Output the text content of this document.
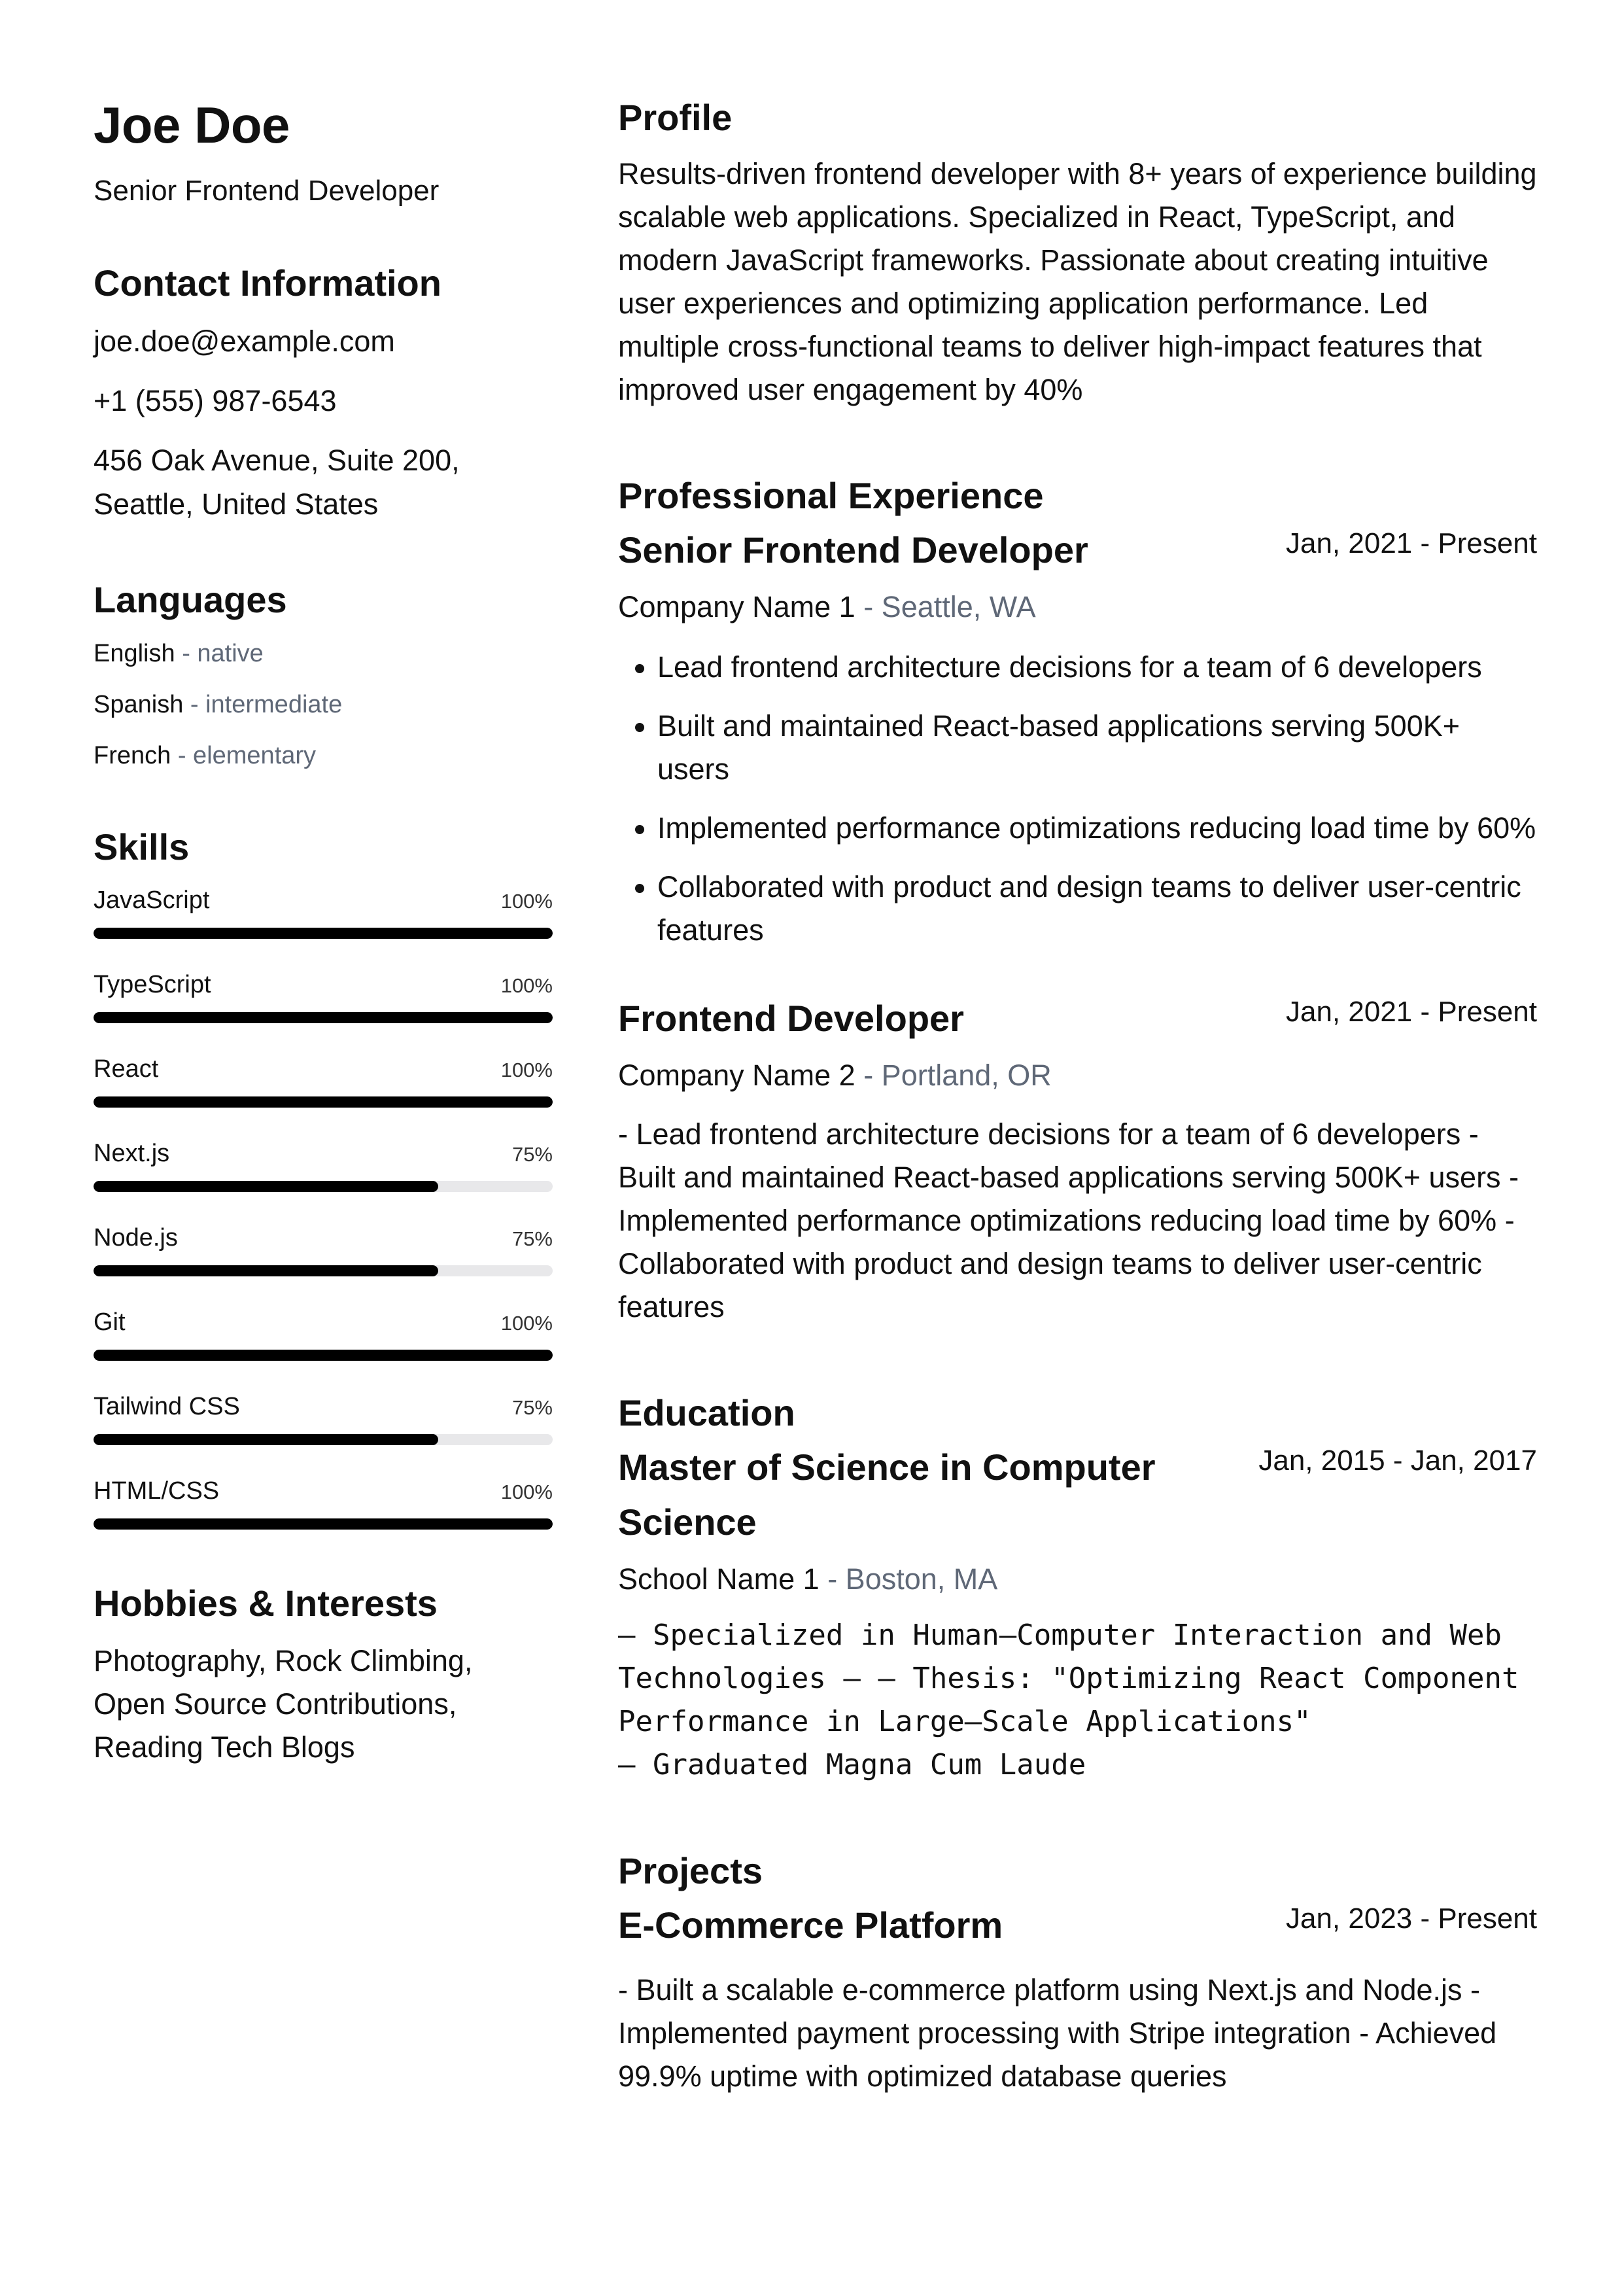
Joe Doe
Senior Frontend Developer
Contact Information
joe.doe@example.com
+1 (555) 987-6543
456 Oak Avenue, Suite 200, Seattle, United States
Languages
English - native
Spanish - intermediate
French - elementary
Skills
JavaScript	100%
TypeScript	100%
React	100%
Next.js	75%
Node.js	75%
Git	100%
Tailwind CSS	75%
HTML/CSS	100%
Hobbies & Interests
Photography, Rock Climbing, Open Source Contributions, Reading Tech Blogs
Profile
Results-driven frontend developer with 8+ years of experience building scalable web applications. Specialized in React, TypeScript, and modern JavaScript frameworks. Passionate about creating intuitive user experiences and optimizing application performance. Led multiple cross-functional teams to deliver high-impact features that improved user engagement by 40%
Professional Experience
Senior Frontend Developer	Jan, 2021 - Present
Company Name 1 - Seattle, WA
• Lead frontend architecture decisions for a team of 6 developers
• Built and maintained React-based applications serving 500K+ users
• Implemented performance optimizations reducing load time by 60%
• Collaborated with product and design teams to deliver user-centric features
Frontend Developer	Jan, 2021 - Present
Company Name 2 - Portland, OR
- Lead frontend architecture decisions for a team of 6 developers - Built and maintained React-based applications serving 500K+ users - Implemented performance optimizations reducing load time by 60% - Collaborated with product and design teams to deliver user-centric features
Education
Master of Science in Computer Science
Jan, 2015 - Jan, 2017
School Name 1 - Boston, MA
– Specialized in Human–Computer Interaction and Web Technologies – – Thesis: "Optimizing React Component Performance in Large–Scale Applications"
– Graduated Magna Cum Laude
Projects
E-Commerce Platform	Jan, 2023 - Present
- Built a scalable e-commerce platform using Next.js and Node.js - Implemented payment processing with Stripe integration - Achieved 99.9% uptime with optimized database queries
